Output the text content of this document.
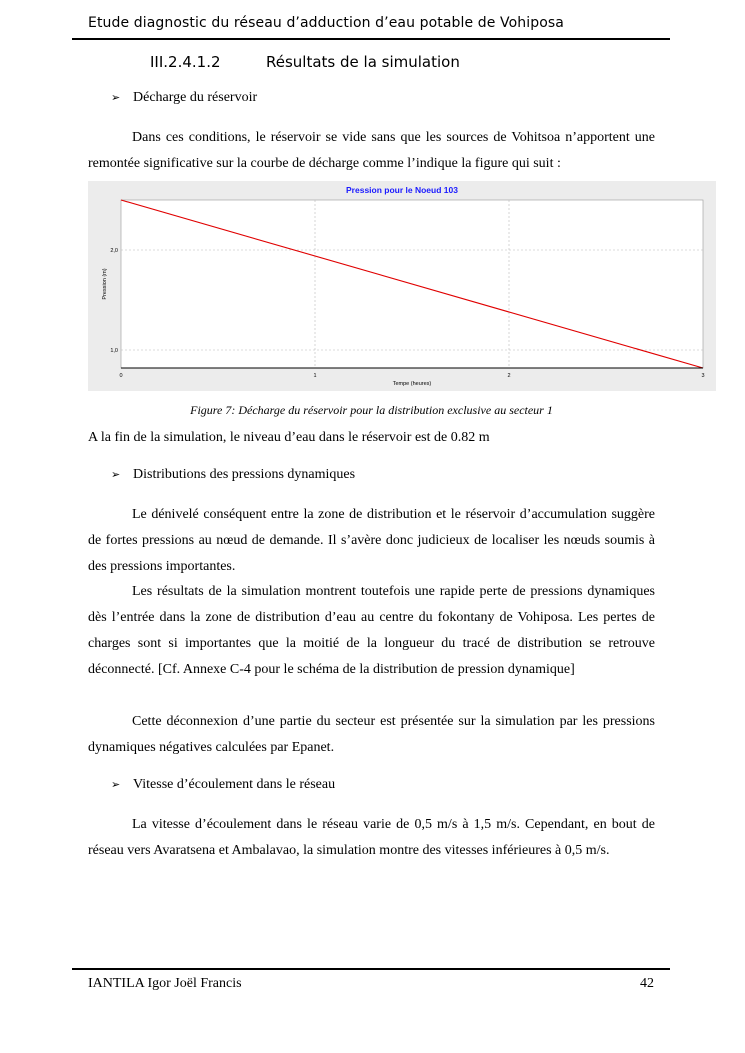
Etude diagnostic du réseau d’adduction d’eau potable de Vohiposa
III.2.4.1.2	Résultats de la simulation
➢ Décharge du réservoir

Dans ces conditions, le réservoir se vide sans que les sources de Vohitsoa n’apportent une remontée significative sur la courbe de décharge comme l’indique la figure qui suit :

Pression pour le Noeud 103
Pression (m)
Tempe (heures)
0	1	2	3
1,0
2,0
Figure 7: Décharge du réservoir pour la distribution exclusive au secteur 1

A la fin de la simulation, le niveau d’eau dans le réservoir est de 0.82 m

➢ Distributions des pressions dynamiques

Le dénivelé conséquent entre la zone de distribution et le réservoir d’accumulation suggère de fortes pressions au nœud de demande. Il s’avère donc judicieux de localiser les nœuds soumis à des pressions importantes.

Les résultats de la simulation montrent toutefois une rapide perte de pressions dynamiques dès l’entrée dans la zone de distribution d’eau au centre du fokontany de Vohiposa. Les pertes de charges sont si importantes que la moitié de la longueur du tracé de distribution se retrouve déconnecté. [Cf. Annexe C-4 pour le schéma de la distribution de pression dynamique]

Cette déconnexion d’une partie du secteur est présentée sur la simulation par les pressions dynamiques négatives calculées par Epanet.

➢ Vitesse d’écoulement dans le réseau

La vitesse d’écoulement dans le réseau varie de 0,5 m/s à 1,5 m/s. Cependant, en bout de réseau vers Avaratsena et Ambalavao, la simulation montre des vitesses inférieures à 0,5 m/s.

IANTILA Igor Joël Francis	42
